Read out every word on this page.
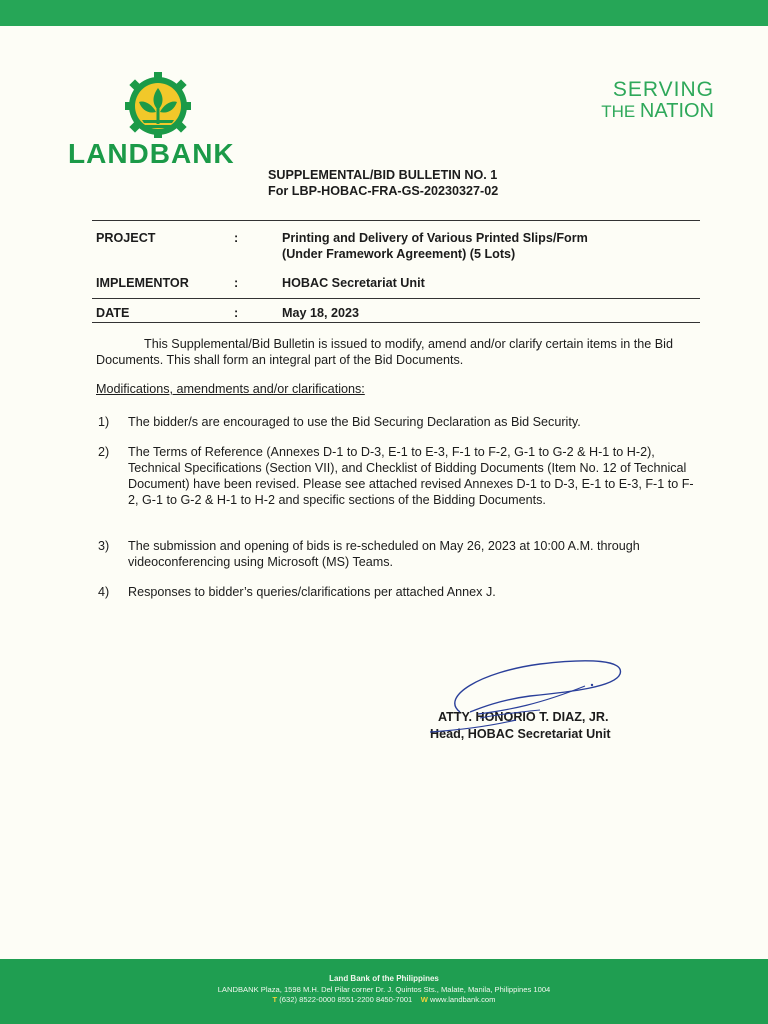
LANDBANK
SERVING
THE NATION
SUPPLEMENTAL/BID BULLETIN NO. 1
For LBP-HOBAC-FRA-GS-20230327-02
PROJECT	:	Printing and Delivery of Various Printed Slips/Form
(Under Framework Agreement) (5 Lots)
IMPLEMENTOR	:	HOBAC Secretariat Unit
DATE	:	May 18, 2023
This Supplemental/Bid Bulletin is issued to modify, amend and/or clarify certain items in the Bid Documents. This shall form an integral part of the Bid Documents.
Modifications, amendments and/or clarifications:
1) The bidder/s are encouraged to use the Bid Securing Declaration as Bid Security.
2) The Terms of Reference (Annexes D-1 to D-3, E-1 to E-3, F-1 to F-2, G-1 to G-2 & H-1 to H-2), Technical Specifications (Section VII), and Checklist of Bidding Documents (Item No. 12 of Technical Document) have been revised. Please see attached revised Annexes D-1 to D-3, E-1 to E-3, F-1 to F-2, G-1 to G-2 & H-1 to H-2 and specific sections of the Bidding Documents.
3) The submission and opening of bids is re-scheduled on May 26, 2023 at 10:00 A.M. through videoconferencing using Microsoft (MS) Teams.
4) Responses to bidder’s queries/clarifications per attached Annex J.
ATTY. HONORIO T. DIAZ, JR.
Head, HOBAC Secretariat Unit
Land Bank of the Philippines
LANDBANK Plaza, 1598 M.H. Del Pilar corner Dr. J. Quintos Sts., Malate, Manila, Philippines 1004
T (632) 8522-0000 8551-2200 8450-7001 W www.landbank.com
